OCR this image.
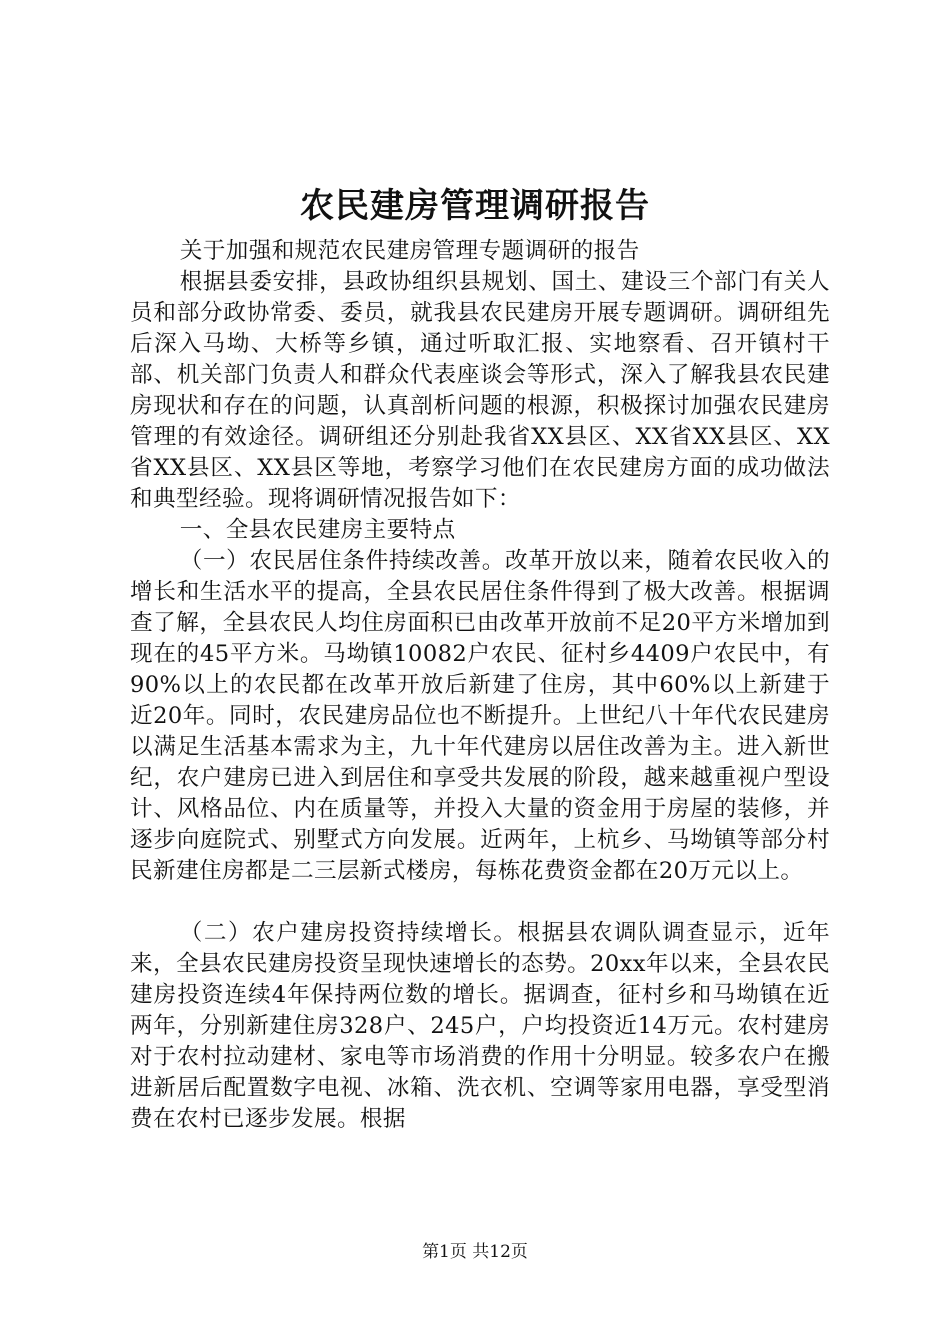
农民建房管理调研报告

关于加强和规范农民建房管理专题调研的报告

根据县委安排，县政协组织县规划、国土、建设三个部门有关人员和部分政协常委、委员，就我县农民建房开展专题调研。调研组先后深入马坳、大桥等乡镇，通过听取汇报、实地察看、召开镇村干部、机关部门负责人和群众代表座谈会等形式，深入了解我县农民建房现状和存在的问题，认真剖析问题的根源，积极探讨加强农民建房管理的有效途径。调研组还分别赴我省XX县区、XX省XX县区、XX省XX县区、XX县区等地，考察学习他们在农民建房方面的成功做法和典型经验。现将调研情况报告如下：

一、全县农民建房主要特点

（一）农民居住条件持续改善。改革开放以来，随着农民收入的增长和生活水平的提高，全县农民居住条件得到了极大改善。根据调查了解，全县农民人均住房面积已由改革开放前不足20平方米增加到现在的45平方米。马坳镇10082户农民、征村乡4409户农民中，有90%以上的农民都在改革开放后新建了住房，其中60%以上新建于近20年。同时，农民建房品位也不断提升。上世纪八十年代农民建房以满足生活基本需求为主，九十年代建房以居住改善为主。进入新世纪，农户建房已进入到居住和享受共发展的阶段，越来越重视户型设计、风格品位、内在质量等，并投入大量的资金用于房屋的装修，并逐步向庭院式、别墅式方向发展。近两年，上杭乡、马坳镇等部分村民新建住房都是二三层新式楼房，每栋花费资金都在20万元以上。

（二）农户建房投资持续增长。根据县农调队调查显示，近年来，全县农民建房投资呈现快速增长的态势。20xx年以来，全县农民建房投资连续4年保持两位数的增长。据调查，征村乡和马坳镇在近两年，分别新建住房328户、245户，户均投资近14万元。农村建房对于农村拉动建材、家电等市场消费的作用十分明显。较多农户在搬进新居后配置数字电视、冰箱、洗衣机、空调等家用电器，享受型消费在农村已逐步发展。根据

第1页 共12页
